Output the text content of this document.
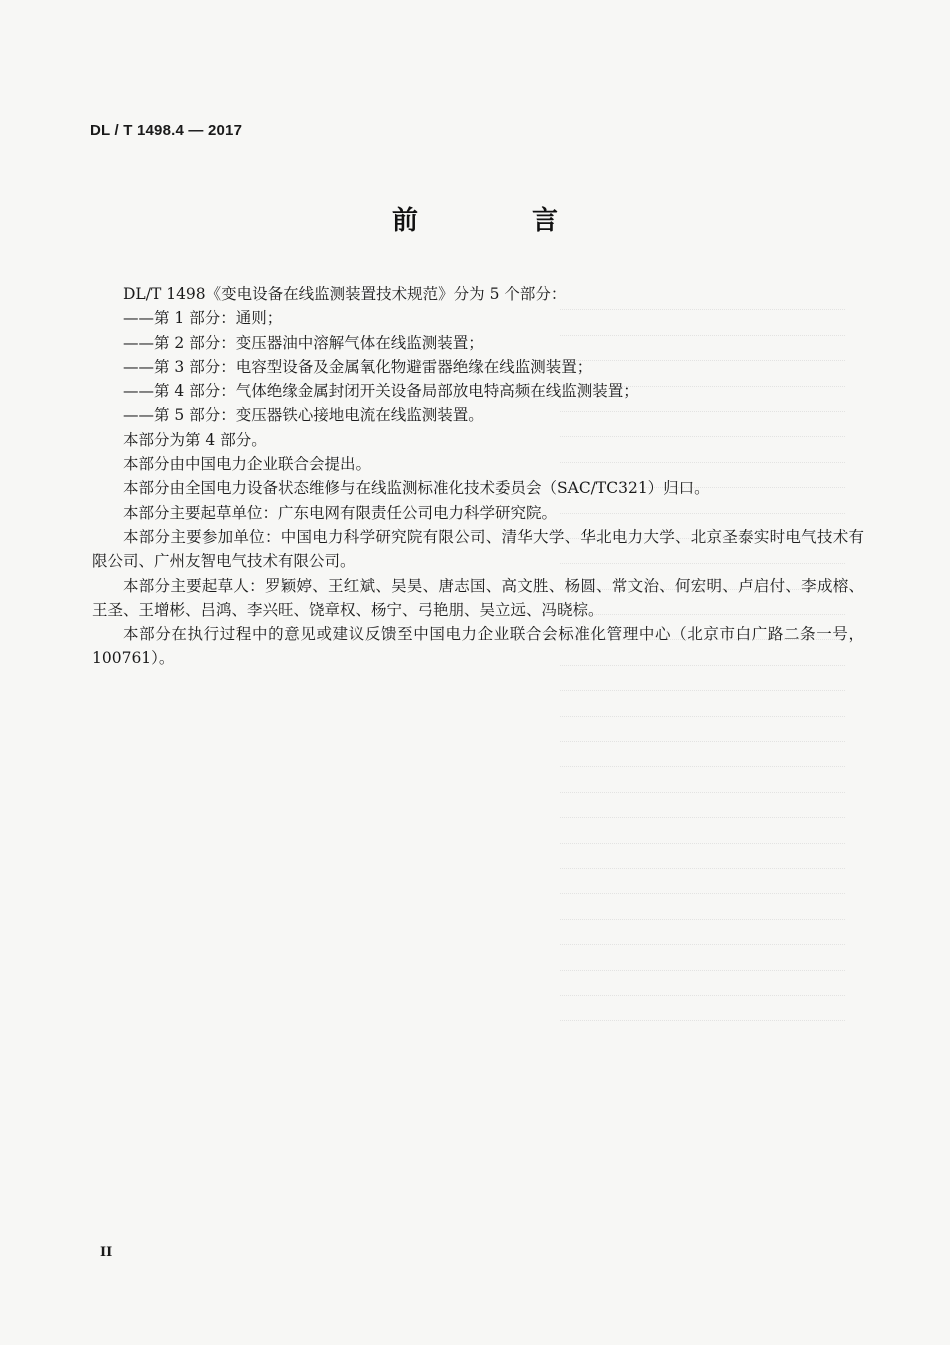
DL / T 1498.4 — 2017
前　言

DL/T 1498《变电设备在线监测装置技术规范》分为 5 个部分：

——第 1 部分：通则；

——第 2 部分：变压器油中溶解气体在线监测装置；

——第 3 部分：电容型设备及金属氧化物避雷器绝缘在线监测装置；

——第 4 部分：气体绝缘金属封闭开关设备局部放电特高频在线监测装置；

——第 5 部分：变压器铁心接地电流在线监测装置。

本部分为第 4 部分。

本部分由中国电力企业联合会提出。

本部分由全国电力设备状态维修与在线监测标准化技术委员会（SAC/TC321）归口。

本部分主要起草单位：广东电网有限责任公司电力科学研究院。

本部分主要参加单位：中国电力科学研究院有限公司、清华大学、华北电力大学、北京圣泰实时电气技术有限公司、广州友智电气技术有限公司。

本部分主要起草人：罗颖婷、王红斌、吴昊、唐志国、高文胜、杨圆、常文治、何宏明、卢启付、李成榕、王圣、王增彬、吕鸿、李兴旺、饶章权、杨宁、弓艳朋、吴立远、冯晓棕。

本部分在执行过程中的意见或建议反馈至中国电力企业联合会标准化管理中心（北京市白广路二条一号，100761）。

II
